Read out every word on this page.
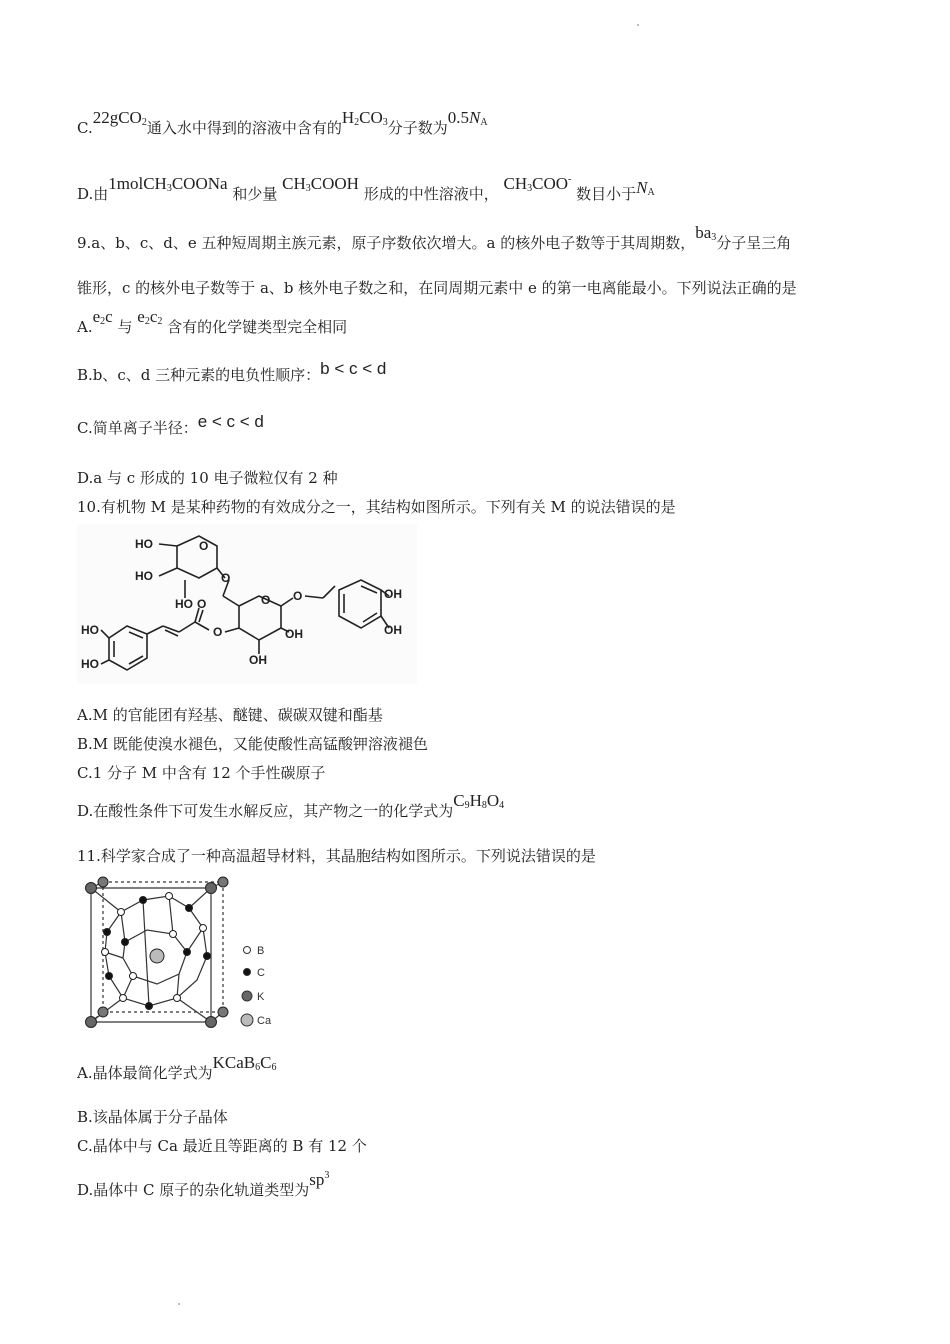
C.22gCO$_2$通入水中得到的溶液中含有的$H_2CO_3$分子数为$0.5N_A$
D.由1molCH$_3$COONa 和少量 $CH_3COOH$ 形成的中性溶液中， $CH_3COO^-$ 数目小于$N_A$
9.a、b、c、d、e 五种短周期主族元素，原子序数依次增大。a 的核外电子数等于其周期数，$ba_3$分子呈三角
锥形，c 的核外电子数等于 a、b 核外电子数之和，在同周期元素中 e 的第一电离能最小。下列说法正确的是
$A.e_2c$ 与 $e_2c_2$ 含有的化学键类型完全相同
B.b、c、d 三种元素的电负性顺序：b < c < d
C.简单离子半径：e < c < d
D.a 与 c 形成的 10 电子微粒仅有 2 种
10.有机物 M 是某种药物的有效成分之一，其结构如图所示。下列有关 M 的说法错误的是
HO
HO
HO
HO
HO
OH
OH
OH
OH
O
O
O
O
O
O
A.M 的官能团有羟基、醚键、碳碳双键和酯基
B.M 既能使溴水褪色，又能使酸性高锰酸钾溶液褪色
C.1 分子 M 中含有 12 个手性碳原子
D.在酸性条件下可发生水解反应，其产物之一的化学式为$C_9H_8O_4$
11.科学家合成了一种高温超导材料，其晶胞结构如图所示。下列说法错误的是
B
C
K
Ca
A.晶体最简化学式为$KCaB_6C_6$
B.该晶体属于分子晶体
C.晶体中与 Ca 最近且等距离的 B 有 12 个
D.晶体中 C 原子的杂化轨道类型为$sp^3$
